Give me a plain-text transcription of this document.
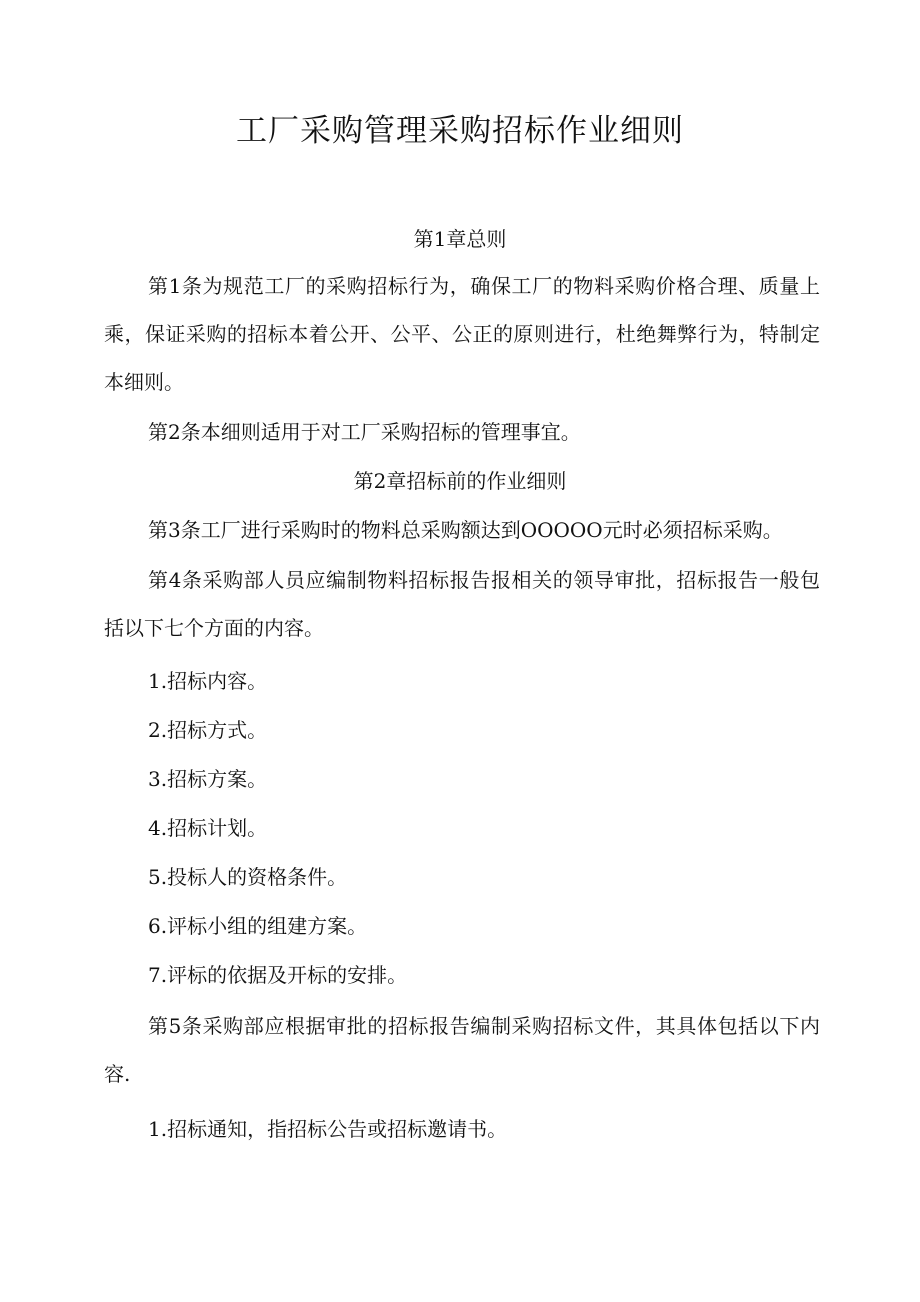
工厂采购管理采购招标作业细则
第1章总则

第1条为规范工厂的采购招标行为，确保工厂的物料采购价格合理、质量上乘，保证采购的招标本着公开、公平、公正的原则进行，杜绝舞弊行为，特制定本细则。

第2条本细则适用于对工厂采购招标的管理事宜。

第2章招标前的作业细则

第3条工厂进行采购时的物料总采购额达到OOOOO元时必须招标采购。

第4条采购部人员应编制物料招标报告报相关的领导审批，招标报告一般包括以下七个方面的内容。

1.招标内容。

2.招标方式。

3.招标方案。

4.招标计划。

5.投标人的资格条件。

6.评标小组的组建方案。

7.评标的依据及开标的安排。

第5条采购部应根据审批的招标报告编制采购招标文件，其具体包括以下内容.

1.招标通知，指招标公告或招标邀请书。
